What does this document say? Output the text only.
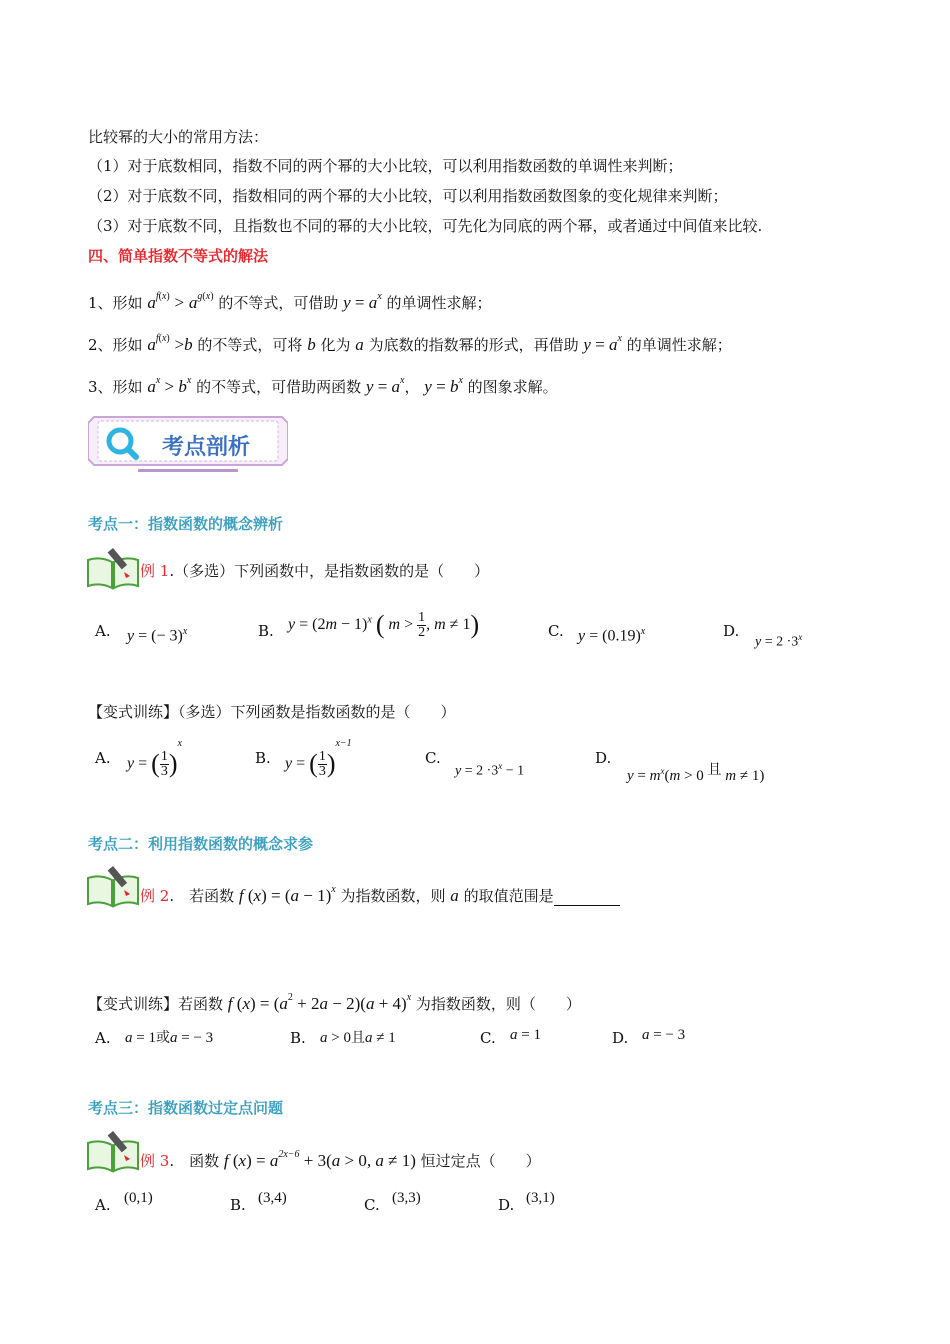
比较幂的大小的常用方法：
（1）对于底数相同，指数不同的两个幂的大小比较，可以利用指数函数的单调性来判断；
（2）对于底数不同，指数相同的两个幂的大小比较，可以利用指数函数图象的变化规律来判断；
（3）对于底数不同，且指数也不同的幂的大小比较，可先化为同底的两个幂，或者通过中间值来比较.
四、简单指数不等式的解法
1、形如 $a^{f(x)} > a^{g(x)}$ 的不等式，可借助 $y = a^x$ 的单调性求解；
2、形如 $a^{f(x)} >b$ 的不等式，可将 b 化为 a 为底数的指数幂的形式，再借助 $y = a^x$ 的单调性求解；
3、形如 $a^x > b^x$ 的不等式，可借助两函数 $y = a^x$， $y = b^x$ 的图象求解。
考点剖析
考点一：指数函数的概念辨析
例 1.（多选）下列函数中，是指数函数的是（　　）
A. y = (− 3)$^x$	B. $y = (2m - 1)^x$ ( $m > \frac{1}{2}$ , m ≠ 1)	C. $y = (0.19)^x$	D.
$y = 2 \cdot 3^x$
【变式训练】（多选）下列函数是指数函数的是（　　）
A. y = ( $\frac{1}{3} )^x$
B. y = ( $\frac{1}{3} )^{x-1}$
C.
$y = 2 \cdot 3^x - 1$
D.
$y = m^x(m > 0$ 且 m ≠ 1)
考点二：利用指数函数的概念求参
例 2.　若函数 f $(x) = (a - 1)^x$ 为指数函数，则 a 的取值范围是
【变式训练】若函数 f $(x) = (a^2 + 2a - 2)(a + 4)^x$ 为指数函数，则（　　）
A. a = 1或a = − 3	B. a > 0且a ≠ 1	C. a = 1	D. a = − 3
考点三：指数函数过定点问题
例 3.　函数 f $(x) = a^{2x-6} + 3(a > 0$, a ≠ 1) 恒过定点（　　）
A. (0,1)	B. (3,4)	C. (3,3)	D. (3,1)
